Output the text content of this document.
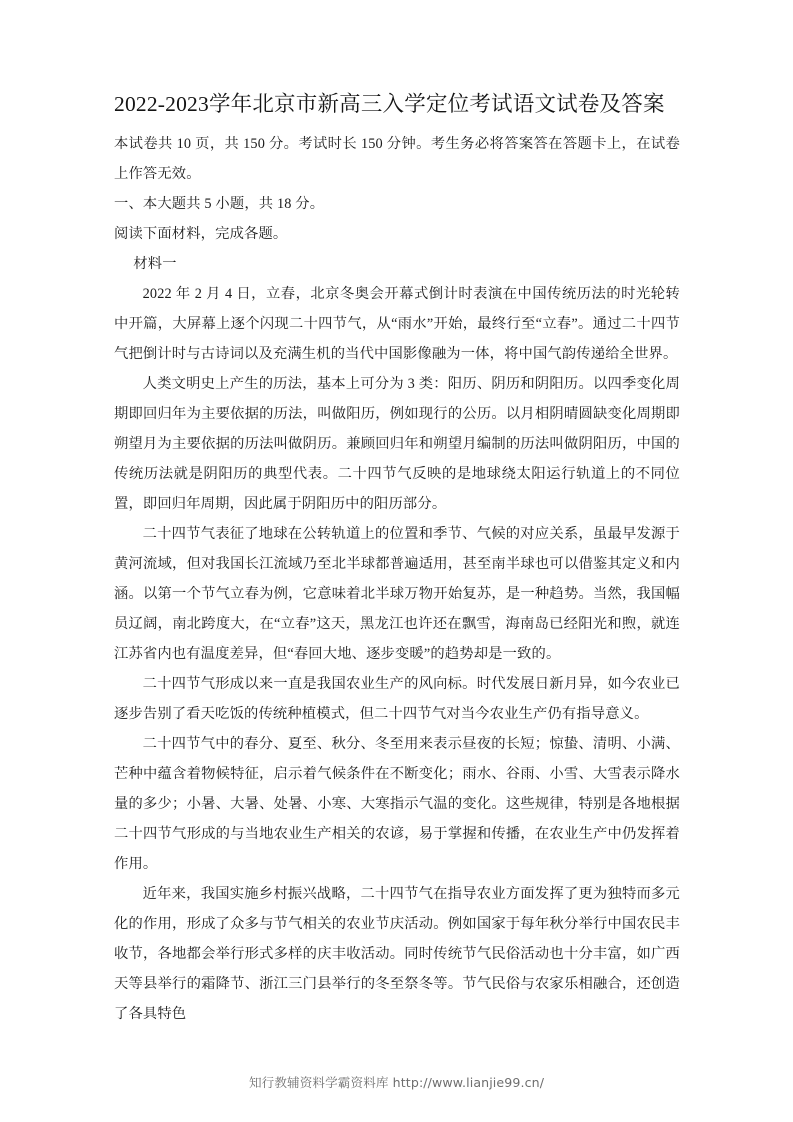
2022-2023学年北京市新高三入学定位考试语文试卷及答案

本试卷共 10 页，共 150 分。考试时长 150 分钟。考生务必将答案答在答题卡上，在试卷上作答无效。

一、本大题共 5 小题，共 18 分。

阅读下面材料，完成各题。

材料一

2022 年 2 月 4 日，立春，北京冬奥会开幕式倒计时表演在中国传统历法的时光轮转中开篇，大屏幕上逐个闪现二十四节气，从“雨水”开始，最终行至“立春”。通过二十四节气把倒计时与古诗词以及充满生机的当代中国影像融为一体，将中国气韵传递给全世界。

人类文明史上产生的历法，基本上可分为 3 类：阳历、阴历和阴阳历。以四季变化周期即回归年为主要依据的历法，叫做阳历，例如现行的公历。以月相阴晴圆缺变化周期即朔望月为主要依据的历法叫做阴历。兼顾回归年和朔望月编制的历法叫做阴阳历，中国的传统历法就是阴阳历的典型代表。二十四节气反映的是地球绕太阳运行轨道上的不同位置，即回归年周期，因此属于阴阳历中的阳历部分。

二十四节气表征了地球在公转轨道上的位置和季节、气候的对应关系，虽最早发源于黄河流域，但对我国长江流域乃至北半球都普遍适用，甚至南半球也可以借鉴其定义和内涵。以第一个节气立春为例，它意味着北半球万物开始复苏，是一种趋势。当然，我国幅员辽阔，南北跨度大，在“立春”这天，黑龙江也许还在飘雪，海南岛已经阳光和煦，就连江苏省内也有温度差异，但“春回大地、逐步变暖”的趋势却是一致的。

二十四节气形成以来一直是我国农业生产的风向标。时代发展日新月异，如今农业已逐步告别了看天吃饭的传统种植模式，但二十四节气对当今农业生产仍有指导意义。

二十四节气中的春分、夏至、秋分、冬至用来表示昼夜的长短；惊蛰、清明、小满、芒种中蕴含着物候特征，启示着气候条件在不断变化；雨水、谷雨、小雪、大雪表示降水量的多少；小暑、大暑、处暑、小寒、大寒指示气温的变化。这些规律，特别是各地根据二十四节气形成的与当地农业生产相关的农谚，易于掌握和传播，在农业生产中仍发挥着作用。

近年来，我国实施乡村振兴战略，二十四节气在指导农业方面发挥了更为独特而多元化的作用，形成了众多与节气相关的农业节庆活动。例如国家于每年秋分举行中国农民丰收节，各地都会举行形式多样的庆丰收活动。同时传统节气民俗活动也十分丰富，如广西天等县举行的霜降节、浙江三门县举行的冬至祭冬等。节气民俗与农家乐相融合，还创造了各具特色

知行教辅资料学霸资料库 http://www.lianjie99.cn/
